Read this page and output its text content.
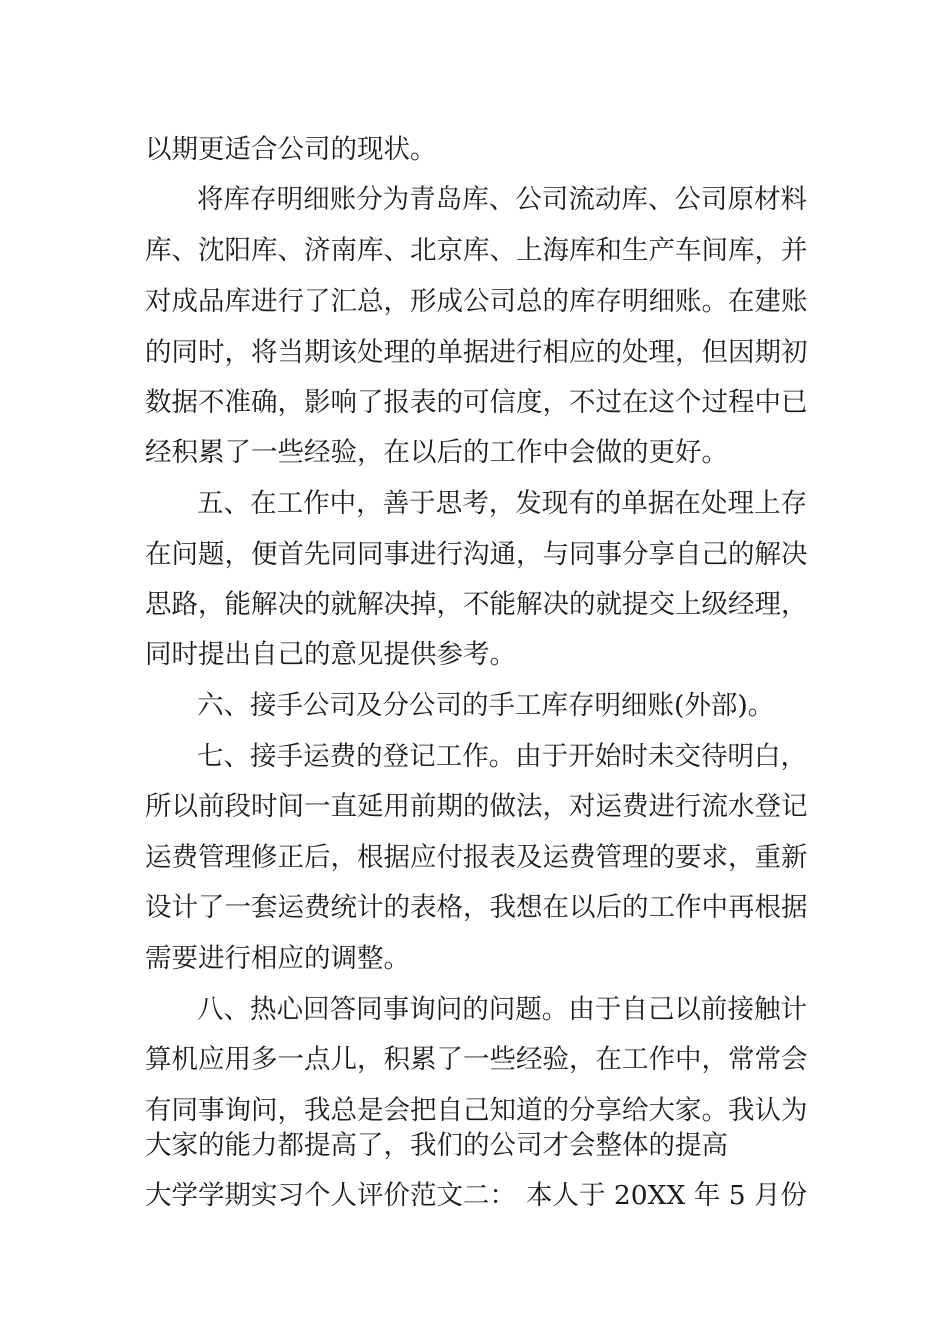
以期更适合公司的现状。
将库存明细账分为青岛库、公司流动库、公司原材料
库、沈阳库、济南库、北京库、上海库和生产车间库，并
对成品库进行了汇总，形成公司总的库存明细账。在建账
的同时，将当期该处理的单据进行相应的处理，但因期初
数据不准确，影响了报表的可信度，不过在这个过程中已
经积累了一些经验，在以后的工作中会做的更好。
五、在工作中，善于思考，发现有的单据在处理上存
在问题，便首先同同事进行沟通，与同事分享自己的解决
思路，能解决的就解决掉，不能解决的就提交上级经理，
同时提出自己的意见提供参考。
六、接手公司及分公司的手工库存明细账(外部)。
七、接手运费的登记工作。由于开始时未交待明白，
所以前段时间一直延用前期的做法，对运费进行流水登记
运费管理修正后，根据应付报表及运费管理的要求，重新
设计了一套运费统计的表格，我想在以后的工作中再根据
需要进行相应的调整。
八、热心回答同事询问的问题。由于自己以前接触计
算机应用多一点儿，积累了一些经验，在工作中，常常会
有同事询问，我总是会把自己知道的分享给大家。我认为
大家的能力都提高了，我们的公司才会整体的提高
大学学期实习个人评价范文二： 本人于 20XX 年 5 月份
